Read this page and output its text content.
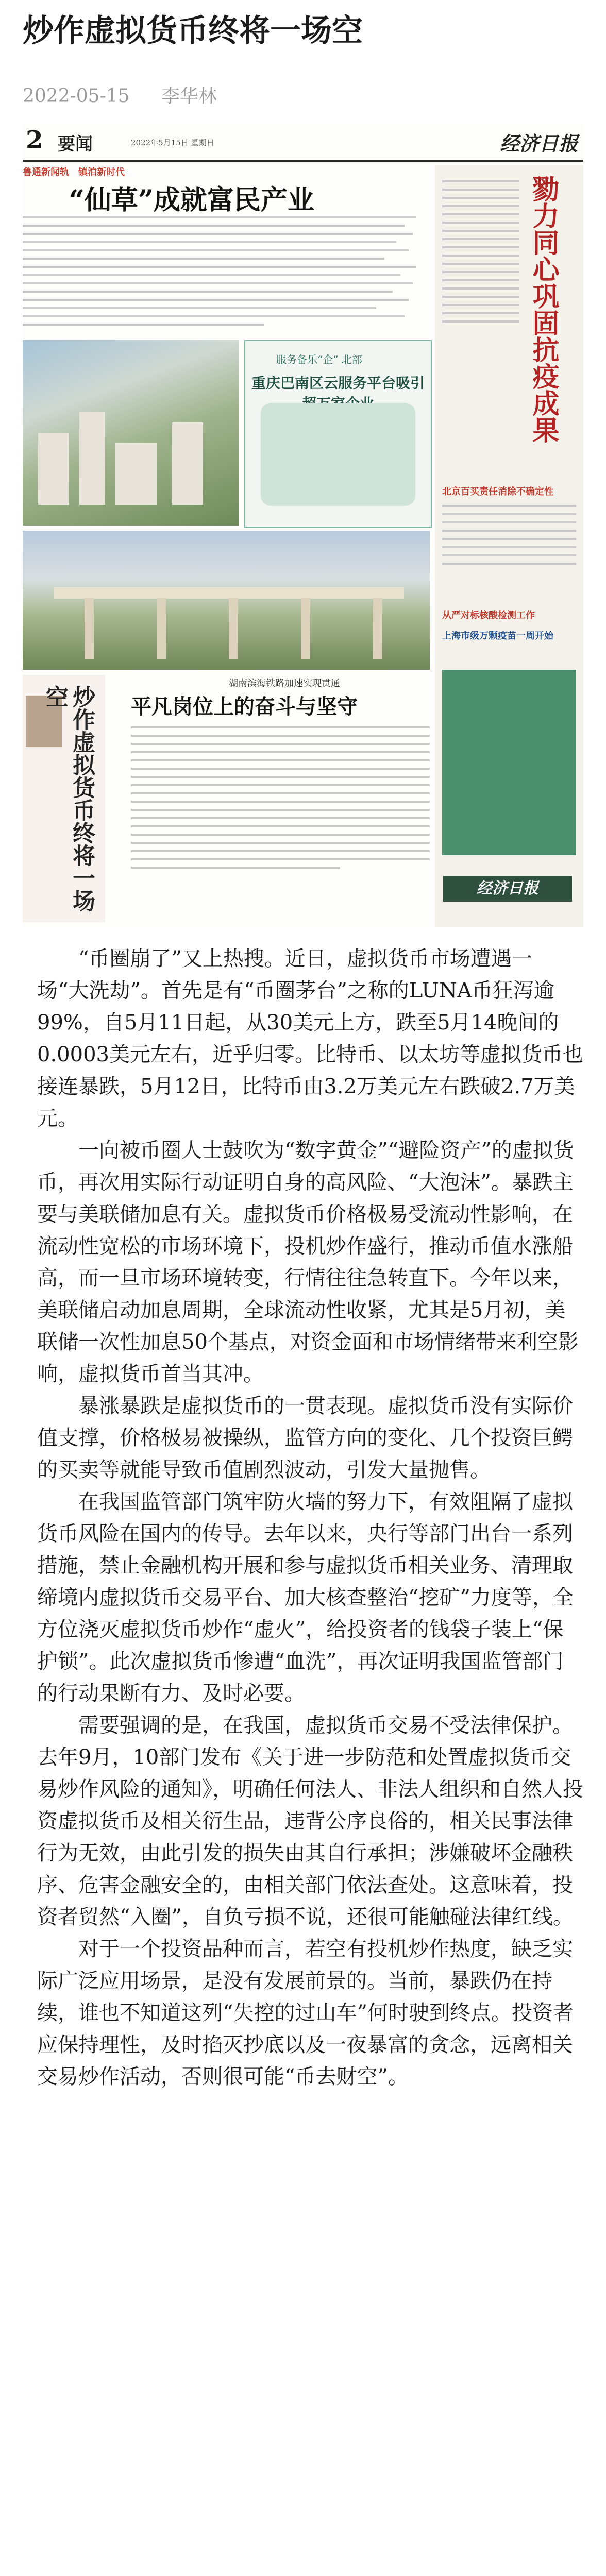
炒作虚拟货币终将一场空
2022-05-15 李华林
2 要闻	2022年5月15日 星期日	经济日报
鲁通新闻轨　镇泊新时代
“仙草”成就富民产业
服务备乐“企” 北部
重庆巴南区云服务平台吸引	勠力同心巩固抗疫成果
北京百买责任消除不确定性
从严对标核酸检测工作
上海市级万颗疫苗一周开始
经济日报
湖南滨海铁路加速实现贯通
炒作虚拟货币终将一场空	平凡岗位上的奋斗与坚守

“币圈崩了”又上热搜。近日，虚拟货币市场遭遇一场“大洗劫”。首先是有“币圈茅台”之称的LUNA币狂泻逾99%，自5月11日起，从30美元上方，跌至5月14晚间的0.0003美元左右，近乎归零。比特币、以太坊等虚拟货币也接连暴跌，5月12日，比特币由3.2万美元左右跌破2.7万美元。

一向被币圈人士鼓吹为“数字黄金”“避险资产”的虚拟货币，再次用实际行动证明自身的高风险、“大泡沫”。暴跌主要与美联储加息有关。虚拟货币价格极易受流动性影响，在流动性宽松的市场环境下，投机炒作盛行，推动币值水涨船高，而一旦市场环境转变，行情往往急转直下。今年以来，美联储启动加息周期，全球流动性收紧，尤其是5月初，美联储一次性加息50个基点，对资金面和市场情绪带来利空影响，虚拟货币首当其冲。

暴涨暴跌是虚拟货币的一贯表现。虚拟货币没有实际价值支撑，价格极易被操纵，监管方向的变化、几个投资巨鳄的买卖等就能导致币值剧烈波动，引发大量抛售。

在我国监管部门筑牢防火墙的努力下，有效阻隔了虚拟货币风险在国内的传导。去年以来，央行等部门出台一系列措施，禁止金融机构开展和参与虚拟货币相关业务、清理取缔境内虚拟货币交易平台、加大核查整治“挖矿”力度等，全方位浇灭虚拟货币炒作“虚火”，给投资者的钱袋子装上“保护锁”。此次虚拟货币惨遭“血洗”，再次证明我国监管部门的行动果断有力、及时必要。

需要强调的是，在我国，虚拟货币交易不受法律保护。去年9月，10部门发布《关于进一步防范和处置虚拟货币交易炒作风险的通知》，明确任何法人、非法人组织和自然人投资虚拟货币及相关衍生品，违背公序良俗的，相关民事法律行为无效，由此引发的损失由其自行承担；涉嫌破坏金融秩序、危害金融安全的，由相关部门依法查处。这意味着，投资者贸然“入圈”，自负亏损不说，还很可能触碰法律红线。

对于一个投资品种而言，若空有投机炒作热度，缺乏实际广泛应用场景，是没有发展前景的。当前，暴跌仍在持续，谁也不知道这列“失控的过山车”何时驶到终点。投资者应保持理性，及时掐灭抄底以及一夜暴富的贪念，远离相关交易炒作活动，否则很可能“币去财空”。
